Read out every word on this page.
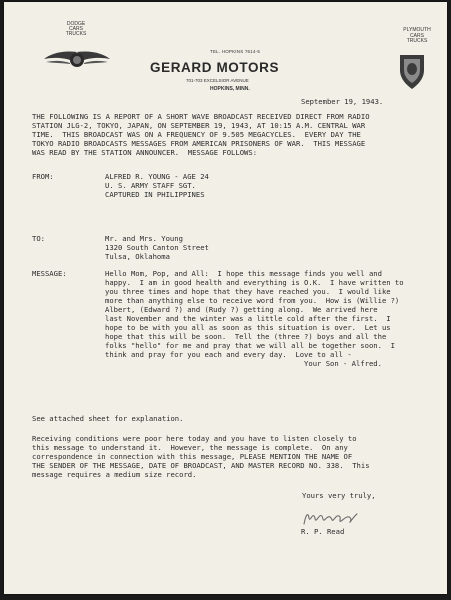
DODGE
CARS
TRUCKS
TEL. HOPKINS 7614-5
GERARD MOTORS
701-703 EXCELSIOR AVENUE
HOPKINS, MINN.
PLYMOUTH
CARS
TRUCKS
September 19, 1943.
THE FOLLOWING IS A REPORT OF A SHORT WAVE BROADCAST RECEIVED DIRECT FROM RADIO
STATION JLG-2, TOKYO, JAPAN, ON SEPTEMBER 19, 1943, AT 10:15 A.M. CENTRAL WAR
TIME.  THIS BROADCAST WAS ON A FREQUENCY OF 9.505 MEGACYCLES.  EVERY DAY THE
TOKYO RADIO BROADCASTS MESSAGES FROM AMERICAN PRISONERS OF WAR.  THIS MESSAGE
WAS READ BY THE STATION ANNOUNCER.  MESSAGE FOLLOWS:
FROM:	ALFRED R. YOUNG - AGE 24
U. S. ARMY STAFF SGT.
CAPTURED IN PHILIPPINES
TO:	Mr. and Mrs. Young
1320 South Canton Street
Tulsa, Oklahoma
MESSAGE:	Hello Mom, Pop, and All:  I hope this message finds you well and
happy.  I am in good health and everything is O.K.  I have written to
you three times and hope that they have reached you.  I would like
more than anything else to receive word from you.  How is (Willie ?)
Albert, (Edward ?) and (Rudy ?) getting along.  We arrived here
last November and the winter was a little cold after the first.  I
hope to be with you all as soon as this situation is over.  Let us
hope that this will be soon.  Tell the (three ?) boys and all the
folks "hello" for me and pray that we will all be together soon.  I
think and pray for you each and every day.  Love to all -
Your Son - Alfred.
See attached sheet for explanation.
Receiving conditions were poor here today and you have to listen closely to
this message to understand it.  However, the message is complete.  On any
correspondence in connection with this message, PLEASE MENTION THE NAME OF
THE SENDER OF THE MESSAGE, DATE OF BROADCAST, AND MASTER RECORD NO. 338.  This
message requires a medium size record.
Yours very truly,
R. P. Read
